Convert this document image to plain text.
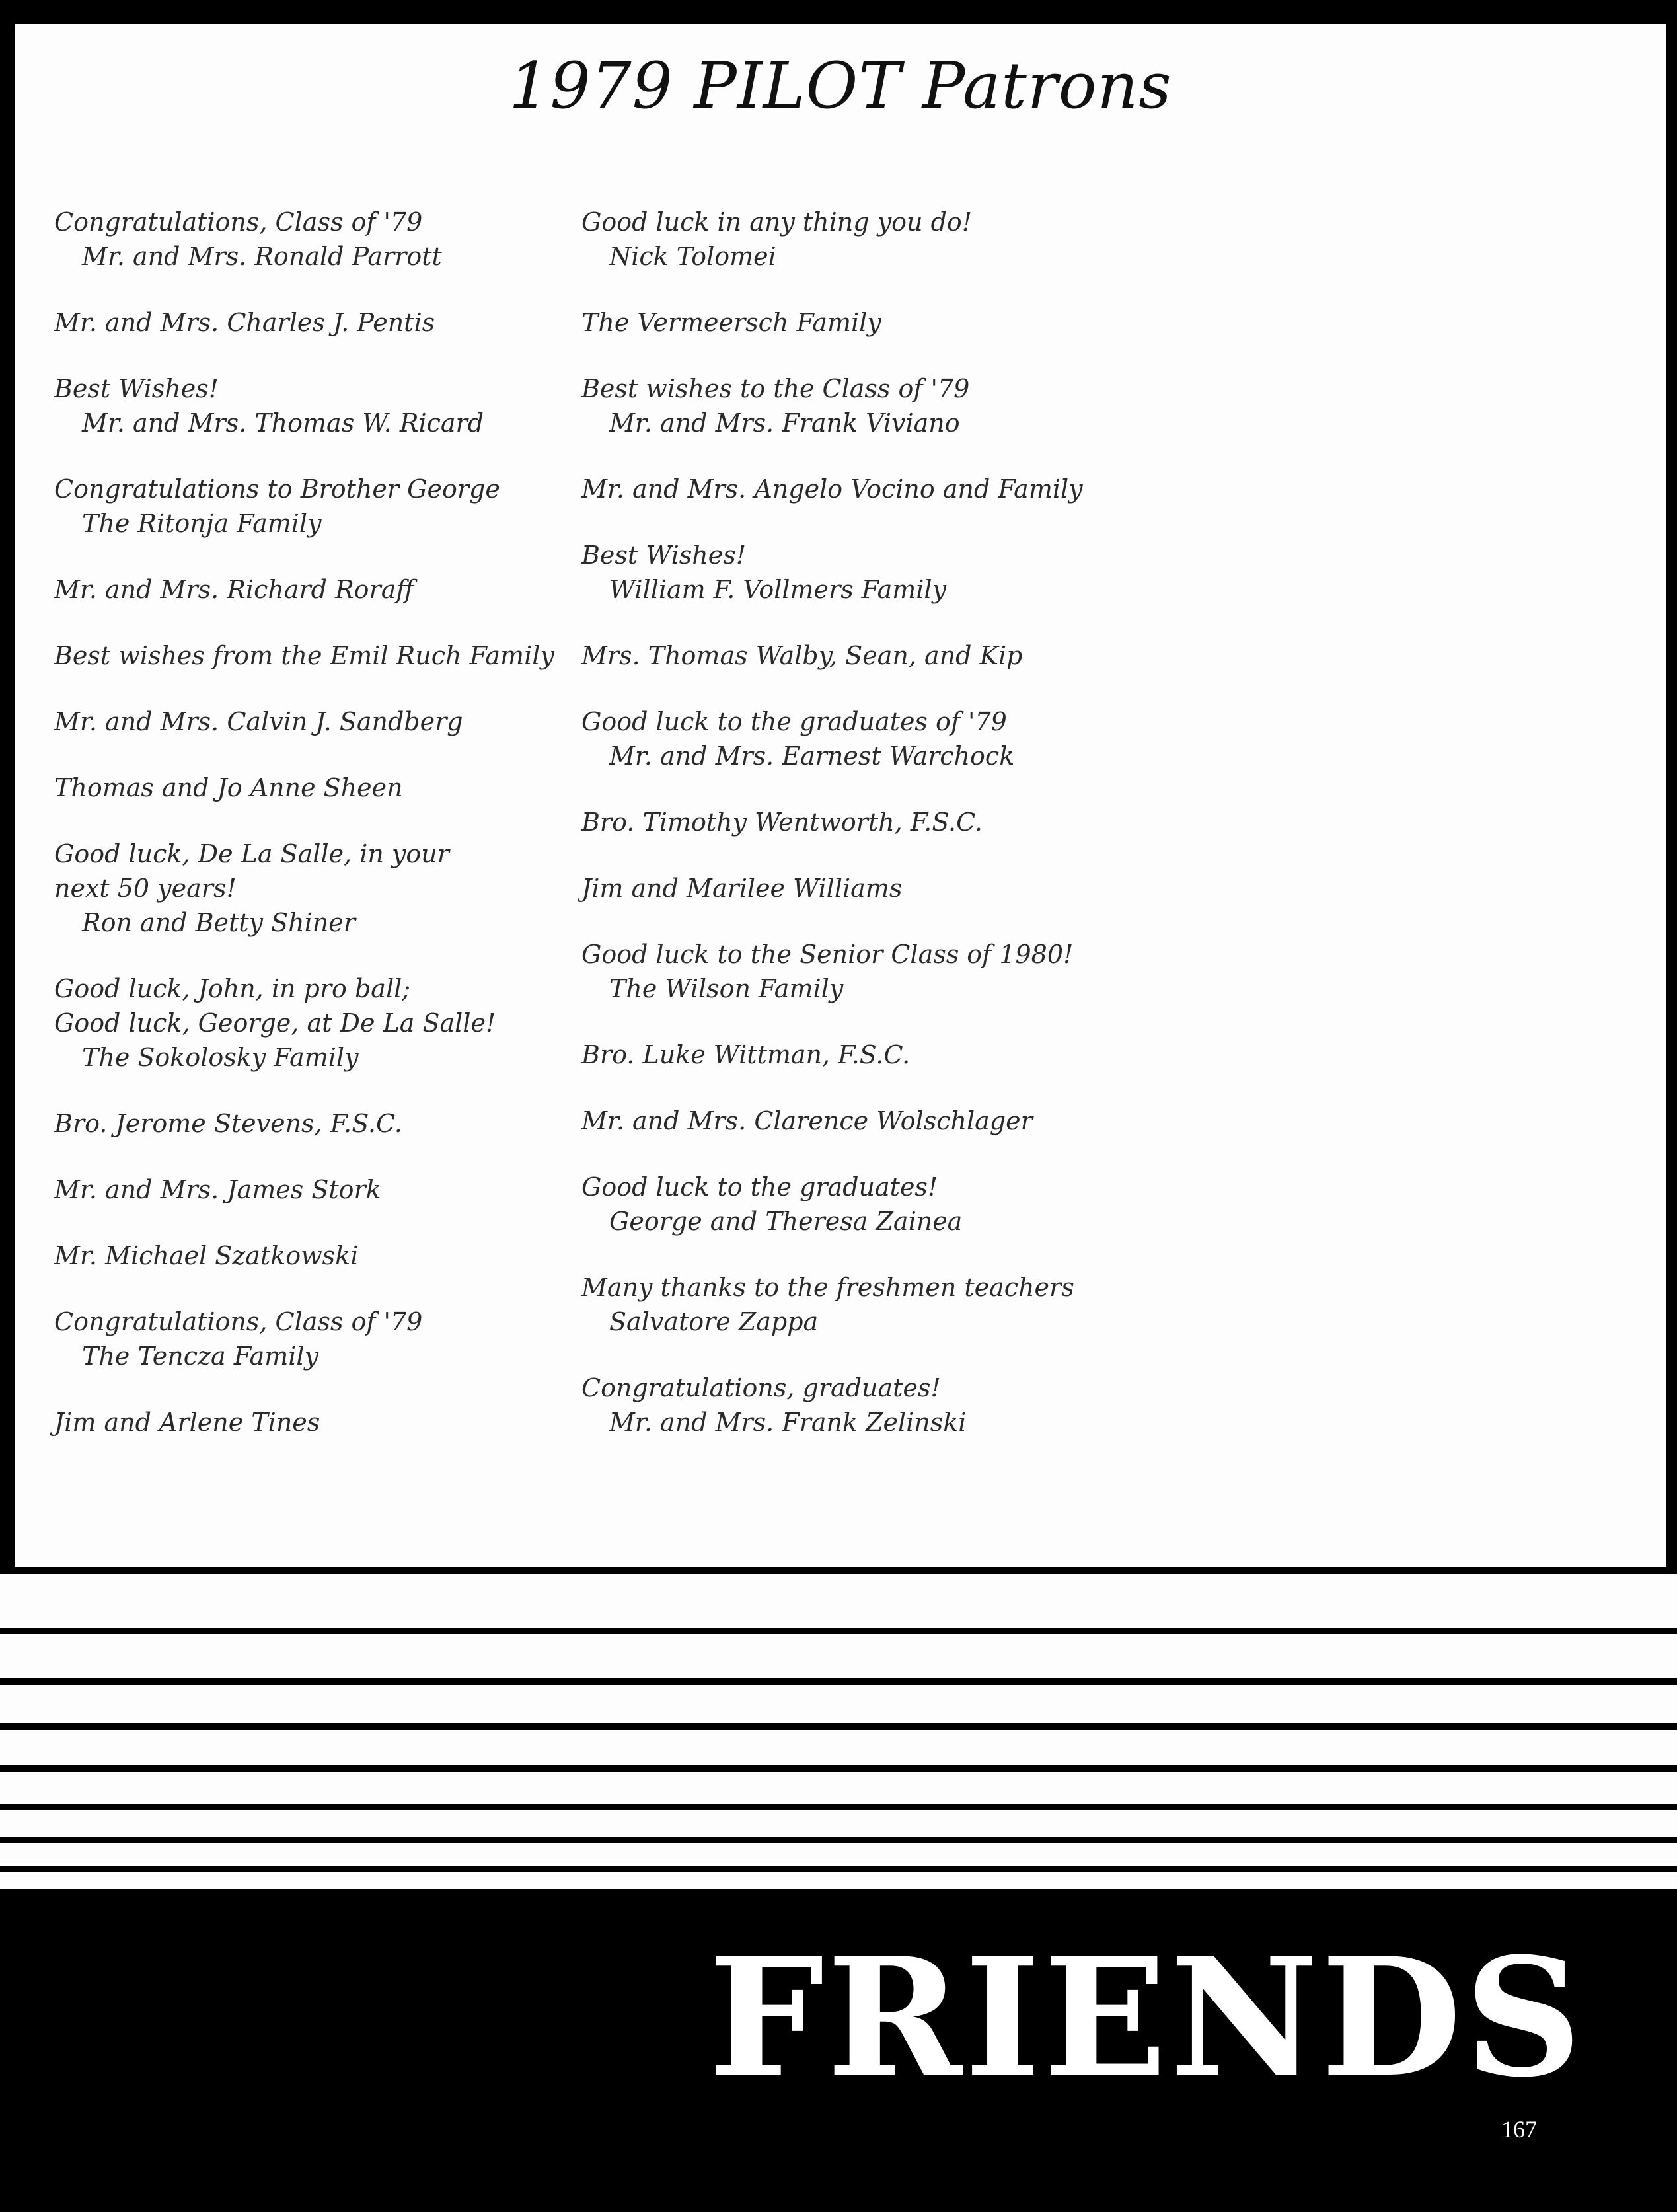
1979 PILOT Patrons
Congratulations, Class of '79
Mr. and Mrs. Ronald Parrott
Mr. and Mrs. Charles J. Pentis
Best Wishes!
Mr. and Mrs. Thomas W. Ricard
Congratulations to Brother George
The Ritonja Family
Mr. and Mrs. Richard Roraff
Best wishes from the Emil Ruch Family
Mr. and Mrs. Calvin J. Sandberg
Thomas and Jo Anne Sheen
Good luck, De La Salle, in your
next 50 years!
Ron and Betty Shiner
Good luck, John, in pro ball;
Good luck, George, at De La Salle!
The Sokolosky Family
Bro. Jerome Stevens, F.S.C.
Mr. and Mrs. James Stork
Mr. Michael Szatkowski
Congratulations, Class of '79
The Tencza Family
Jim and Arlene Tines
Good luck in any thing you do!
Nick Tolomei
The Vermeersch Family
Best wishes to the Class of '79
Mr. and Mrs. Frank Viviano
Mr. and Mrs. Angelo Vocino and Family
Best Wishes!
William F. Vollmers Family
Mrs. Thomas Walby, Sean, and Kip
Good luck to the graduates of '79
Mr. and Mrs. Earnest Warchock
Bro. Timothy Wentworth, F.S.C.
Jim and Marilee Williams
Good luck to the Senior Class of 1980!
The Wilson Family
Bro. Luke Wittman, F.S.C.
Mr. and Mrs. Clarence Wolschlager
Good luck to the graduates!
George and Theresa Zainea
Many thanks to the freshmen teachers
Salvatore Zappa
Congratulations, graduates!
Mr. and Mrs. Frank Zelinski
FRIENDS
167
